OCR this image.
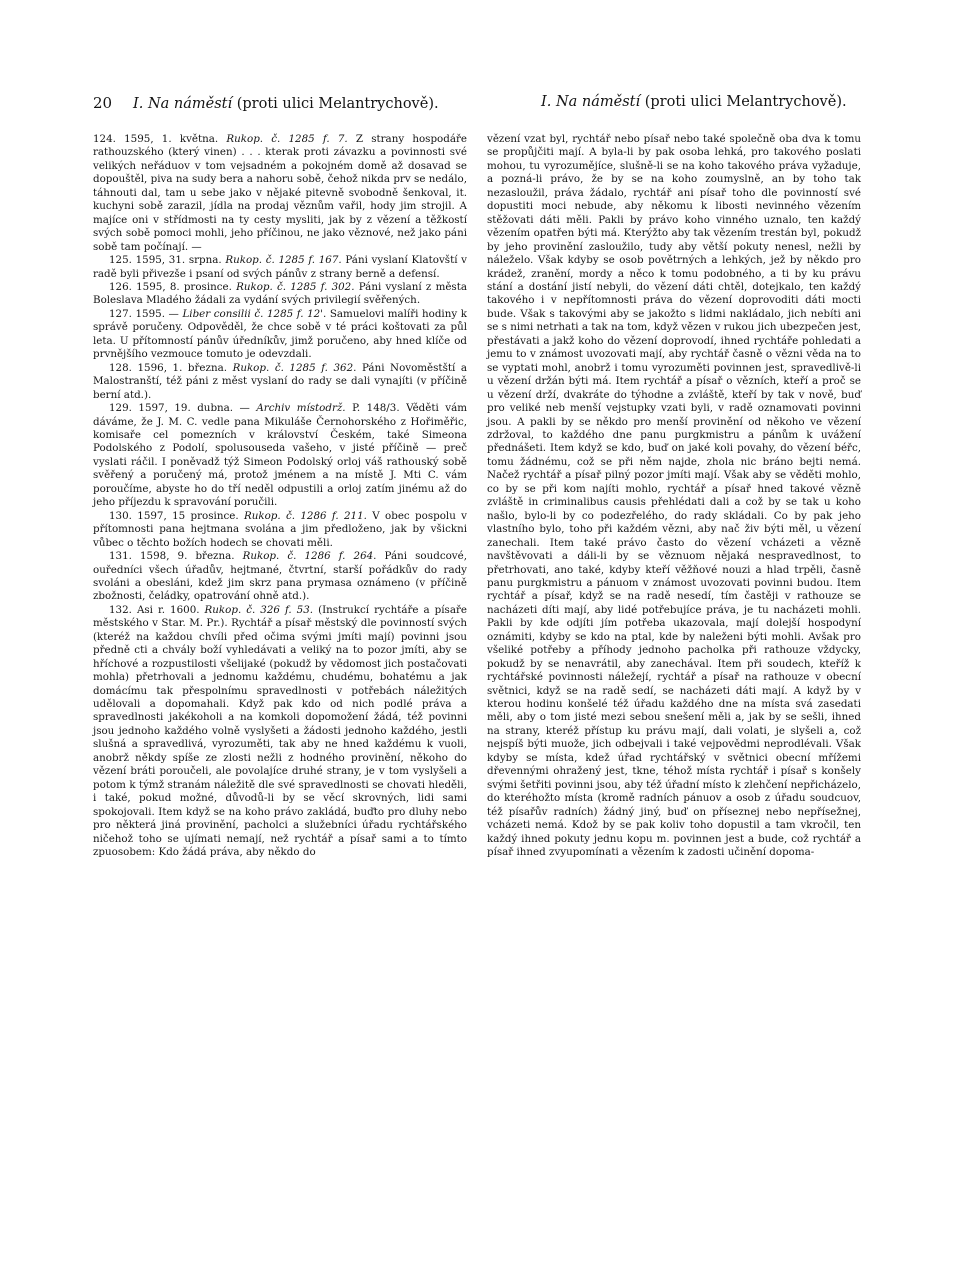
20 I. Na náměstí (proti ulici Melantrychově).	I. Na náměstí (proti ulici Melantrychově).

124. 1595, 1. května. Rukop. č. 1285 f. 7. Z strany hospodáře rathouzského (který vinen) . . . kterak proti závazku a povinnosti své velikých neřáduov v tom vejsadném a pokojném domě až dosavad se dopouštěl, piva na sudy bera a nahoru sobě, čehož nikda prv se nedálo, táhnouti dal, tam u sebe jako v nějaké pitevně svobodně šenkoval, it. kuchyni sobě zarazil, jídla na prodaj věznům vařil, hody jim strojil. A majíce oni v střídmosti na ty cesty mysliti, jak by z vězení a těžkostí svých sobě pomoci mohli, jeho příčinou, ne jako věznové, než jako páni sobě tam počínají. —

125. 1595, 31. srpna. Rukop. č. 1285 f. 167. Páni vyslaní Klatovští v radě byli přivezše i psaní od svých pánův z strany berně a defensí.

126. 1595, 8. prosince. Rukop. č. 1285 f. 302. Páni vyslaní z města Boleslava Mladého žádali za vydání svých privilegií svěřených.

127. 1595. — Liber consilii č. 1285 f. 12'. Samuelovi malíři hodiny k správě poručeny. Odpověděl, že chce sobě v té práci koštovati za půl leta. U přítomností pánův úředníkův, jimž poručeno, aby hned klíče od prvnějšího vezmouce tomuto je odevzdali.

128. 1596, 1. března. Rukop. č. 1285 f. 362. Páni Novoměstští a Malostranští, též páni z měst vyslaní do rady se dali vynajíti (v příčině berní atd.).

129. 1597, 19. dubna. — Archiv místodrž. P. 148/3. Věděti vám dáváme, že J. M. C. vedle pana Mikuláše Černohorského z Hořiměřic, komisaře cel pomezních v království Českém, také Simeona Podolského z Podolí, spolusouseda vašeho, v jisté příčině — preč vyslati ráčil. I poněvadž týž Simeon Podolský orloj váš rathouský sobě svěřený a poručený má, protož jménem a na místě J. Mti C. vám poroučíme, abyste ho do tří neděl odpustili a orloj zatím jinému až do jeho příjezdu k spravování poručili.

130. 1597, 15 prosince. Rukop. č. 1286 f. 211. V obec pospolu v přítomnosti pana hejtmana svolána a jim předloženo, jak by všickni vůbec o těchto božích hodech se chovati měli.

131. 1598, 9. března. Rukop. č. 1286 f. 264. Páni soudcové, ouředníci všech úřadův, hejtmané, čtvrtní, starší pořádkův do rady svoláni a obesláni, kdež jim skrz pana prymasa oznámeno (v příčině zbožnosti, čeládky, opatrování ohně atd.).

132. Asi r. 1600. Rukop. č. 326 f. 53. (Instrukcí rychtáře a písaře městského v Star. M. Pr.). Rychtář a písař městský dle povinností svých (kteréž na každou chvíli před očima svými jmíti mají) povinni jsou předně cti a chvály boží vyhledávati a veliký na to pozor jmíti, aby se hříchové a rozpustilosti všelijaké (pokudž by vědomost jich postačovati mohla) přetrhovali a jednomu každému, chudému, bohatému a jak domácímu tak přespolnímu spravedlnosti v potřebách náležitých udělovali a dopomahali. Když pak kdo od nich podlé práva a spravedlnosti jakékoholi a na komkoli dopomožení žádá, též povinni jsou jednoho každého volně vyslyšeti a žádosti jednoho každého, jestli slušná a spravedlivá, vyrozuměti, tak aby ne hned každému k vuoli, anobrž někdy spíše ze zlosti nežli z hodného provinění, někoho do vězení bráti poroučeli, ale povolajíce druhé strany, je v tom vyslyšeli a potom k týmž stranám náležitě dle své spravedlnosti se chovati hleděli, i také, pokud možné, důvodů-li by se věcí skrovných, lidi sami spokojovali. Item když se na koho právo zakládá, buďto pro dluhy nebo pro některá jiná provinění, pacholci a služebníci úřadu rychtářského ničehož toho se ujímati nemají, než rychtář a písař sami a to tímto zpuosobem: Kdo žádá práva, aby někdo do

vězení vzat byl, rychtář nebo písař nebo také společně oba dva k tomu se propůjčiti mají. A byla-li by pak osoba lehká, pro takového poslati mohou, tu vyrozumějíce, slušně-li se na koho takového práva vyžaduje, a pozná-li právo, že by se na koho zoumyslně, an by toho tak nezasloužil, práva žádalo, rychtář ani písař toho dle povinností své dopustiti moci nebude, aby někomu k libosti nevinného vězením stěžovati dáti měli. Pakli by právo koho vinného uznalo, ten každý vězením opatřen býti má. Kterýžto aby tak vězením trestán byl, pokudž by jeho provinění zasloužilo, tudy aby větší pokuty nenesl, nežli by náleželo. Však kdyby se osob povětrných a lehkých, jež by někdo pro krádež, zranění, mordy a něco k tomu podobného, a ti by ku právu stání a dostání jistí nebyli, do vězení dáti chtěl, dotejkalo, ten každý takového i v nepřítomnosti práva do vězení doprovoditi dáti mocti bude. Však s takovými aby se jakožto s lidmi nakládalo, jich nebíti ani se s nimi netrhati a tak na tom, když vězen v rukou jich ubezpečen jest, přestávati a jakž koho do vězení doprovodí, ihned rychtáře pohledati a jemu to v známost uvozovati mají, aby rychtář časně o vězni věda na to se vyptati mohl, anobrž i tomu vyrozuměti povinnen jest, spravedlivě-li u vězení držán býti má. Item rychtář a písař o vězních, kteří a proč se u vězení drží, dvakráte do týhodne a zvláště, kteří by tak v nově, buď pro veliké neb menší vejstupky vzati byli, v radě oznamovati povinni jsou. A pakli by se někdo pro menší provinění od někoho ve vězení zdržoval, to každého dne panu purgkmistru a pánům k uvážení přednášeti. Item když se kdo, buď on jaké koli povahy, do vězení béřc, tomu žádnému, což se při něm najde, zhola nic bráno bejti nemá. Načež rychtář a písař pilný pozor jmíti mají. Však aby se věděti mohlo, co by se při kom najíti mohlo, rychtář a písař hned takové vězně zvláště in criminalibus causis přehlédati dali a což by se tak u koho našlo, bylo-li by co podezřelého, do rady skládali. Co by pak jeho vlastního bylo, toho při každém vězni, aby nač živ býti měl, u vězení zanechali. Item také právo často do vězení vcházeti a vězně navštěvovati a dáli-li by se věznuom nějaká nespravedlnost, to přetrhovati, ano také, kdyby kteří věžňové nouzi a hlad trpěli, časně panu purgkmistru a pánuom v známost uvozovati povinni budou. Item rychtář a písař, když se na radě nesedí, tím častěji v rathouze se nacházeti díti mají, aby lidé potřebujíce práva, je tu nacházeti mohli. Pakli by kde odjíti jím potřeba ukazovala, mají dolejší hospodyní oznámiti, kdyby se kdo na ptal, kde by naleženi býti mohli. Avšak pro všeliké potřeby a příhody jednoho pacholka při rathouze vždycky, pokudž by se nenavrátil, aby zanechával. Item při soudech, kteříž k rychtářské povinnosti náležejí, rychtář a písař na rathouze v obecní světnici, když se na radě sedí, se nacházeti dáti mají. A když by v kterou hodinu konšelé též úřadu každého dne na místa svá zasedati měli, aby o tom jisté mezi sebou snešení měli a, jak by se sešli, ihned na strany, kteréž přístup ku právu mají, dali volati, je slyšeli a, což nejspíš býti muože, jich odbejvali i také vejpovědmi neprodlévali. Však kdyby se místa, kdež úřad rychtářský v světnici obecní mřížemi dřevennými ohražený jest, tkne, téhož místa rychtář i písař s konšely svými šetřiti povinni jsou, aby též úřadní místo k zlehčení nepřicházelo, do kteréhožto místa (kromě radních pánuov a osob z úřadu soudcuov, též písařův radních) žádný jiný, buď on příseznej nebo nepřísežnej, vcházeti nemá. Kdož by se pak koliv toho dopustil a tam vkročil, ten každý ihned pokuty jednu kopu m. povinnen jest a bude, což rychtář a písař ihned zvyupomínati a vězením k zadosti učinění dopoma-
